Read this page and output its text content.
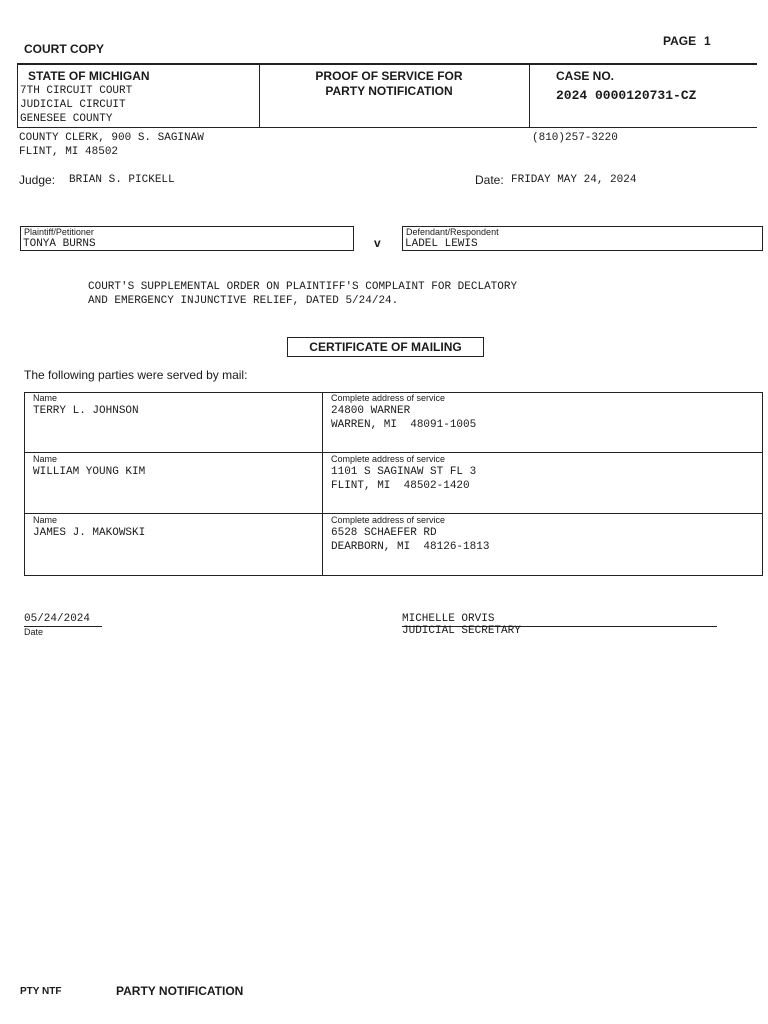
COURT COPY
PAGE 1
STATE OF MICHIGAN
7TH CIRCUIT COURT
JUDICIAL CIRCUIT
GENESEE COUNTY
PROOF OF SERVICE FOR
PARTY NOTIFICATION
CASE NO.
2024 0000120731-CZ
COUNTY CLERK, 900 S. SAGINAW
FLINT, MI 48502
(810)257-3220
Judge: BRIAN S. PICKELL	Date: FRIDAY MAY 24, 2024
Plaintiff/Petitioner
TONYA BURNS	v
Defendant/Respondent
LADEL LEWIS
COURT'S SUPPLEMENTAL ORDER ON PLAINTIFF'S COMPLAINT FOR DECLATORY
AND EMERGENCY INJUNCTIVE RELIEF, DATED 5/24/24.
CERTIFICATE OF MAILING
The following parties were served by mail:
Name
TERRY L. JOHNSON
Complete address of service
24800 WARNER
WARREN, MI  48091-1005
Name
WILLIAM YOUNG KIM
Complete address of service
1101 S SAGINAW ST FL 3
FLINT, MI  48502-1420
Name
JAMES J. MAKOWSKI
Complete address of service
6528 SCHAEFER RD
DEARBORN, MI  48126-1813
05/24/2024
Date
MICHELLE ORVIS
JUDICIAL SECRETARY
PTY NTF	PARTY NOTIFICATION
